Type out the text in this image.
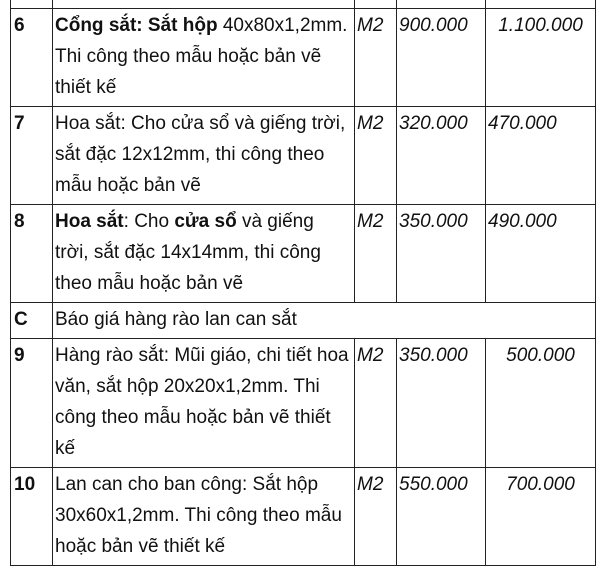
6	Cổng sắt: Sắt hộp 40x80x1,2mm. Thi công theo mẫu hoặc bản vẽ thiết kế	M2	900.000	1.100.000
7	Hoa sắt: Cho cửa sổ và giếng trời, sắt đặc 12x12mm, thi công theo mẫu hoặc bản vẽ	M2	320.000	470.000
8	Hoa sắt: Cho cửa sổ và giếng trời, sắt đặc 14x14mm, thi công theo mẫu hoặc bản vẽ	M2	350.000	490.000
C	Báo giá hàng rào lan can sắt			
9	Hàng rào sắt: Mũi giáo, chi tiết hoa văn, sắt hộp 20x20x1,2mm. Thi công theo mẫu hoặc bản vẽ thiết kế	M2	350.000	500.000
10	Lan can cho ban công: Sắt hộp 30x60x1,2mm. Thi công theo mẫu hoặc bản vẽ thiết kế	M2	550.000	700.000
